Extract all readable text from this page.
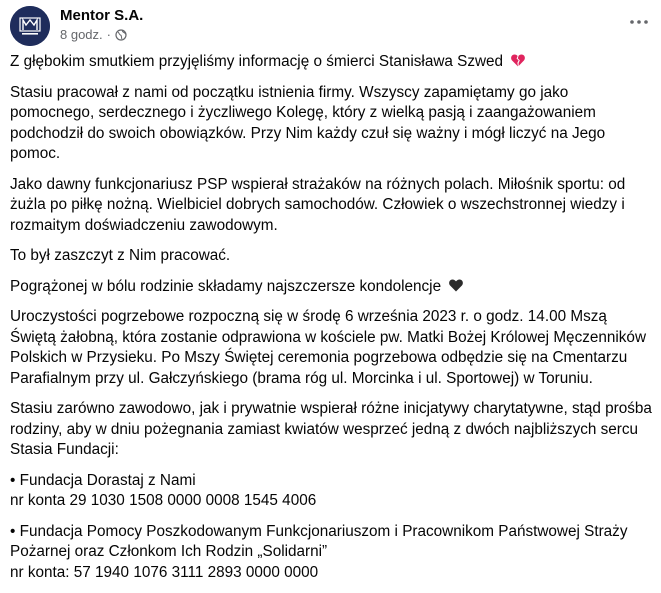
Mentor S.A.
8 godz. ·

Z głębokim smutkiem przyjęliśmy informację o śmierci Stanisława Szwed

Stasiu pracował z nami od początku istnienia firmy. Wszyscy zapamiętamy go jako pomocnego, serdecznego i życzliwego Kolegę, który z wielką pasją i zaangażowaniem podchodził do swoich obowiązków. Przy Nim każdy czuł się ważny i mógł liczyć na Jego pomoc.

Jako dawny funkcjonariusz PSP wspierał strażaków na różnych polach. Miłośnik sportu: od żużla po piłkę nożną. Wielbiciel dobrych samochodów. Człowiek o wszechstronnej wiedzy i rozmaitym doświadczeniu zawodowym.

To był zaszczyt z Nim pracować.

Pogrążonej w bólu rodzinie składamy najszczersze kondolencje

Uroczystości pogrzebowe rozpoczną się w środę 6 września 2023 r. o godz. 14.00 Mszą Świętą żałobną, która zostanie odprawiona w kościele pw. Matki Bożej Królowej Męczenników Polskich w Przysieku. Po Mszy Świętej ceremonia pogrzebowa odbędzie się na Cmentarzu Parafialnym przy ul. Gałczyńskiego (brama róg ul. Morcinka i ul. Sportowej) w Toruniu.

Stasiu zarówno zawodowo, jak i prywatnie wspierał różne inicjatywy charytatywne, stąd prośba rodziny, aby w dniu pożegnania zamiast kwiatów wesprzeć jedną z dwóch najbliższych sercu Stasia Fundacji:

• Fundacja Dorastaj z Nami
nr konta 29 1030 1508 0000 0008 1545 4006

• Fundacja Pomocy Poszkodowanym Funkcjonariuszom i Pracownikom Państwowej Straży Pożarnej oraz Członkom Ich Rodzin „Solidarni”
nr konta: 57 1940 1076 3111 2893 0000 0000
